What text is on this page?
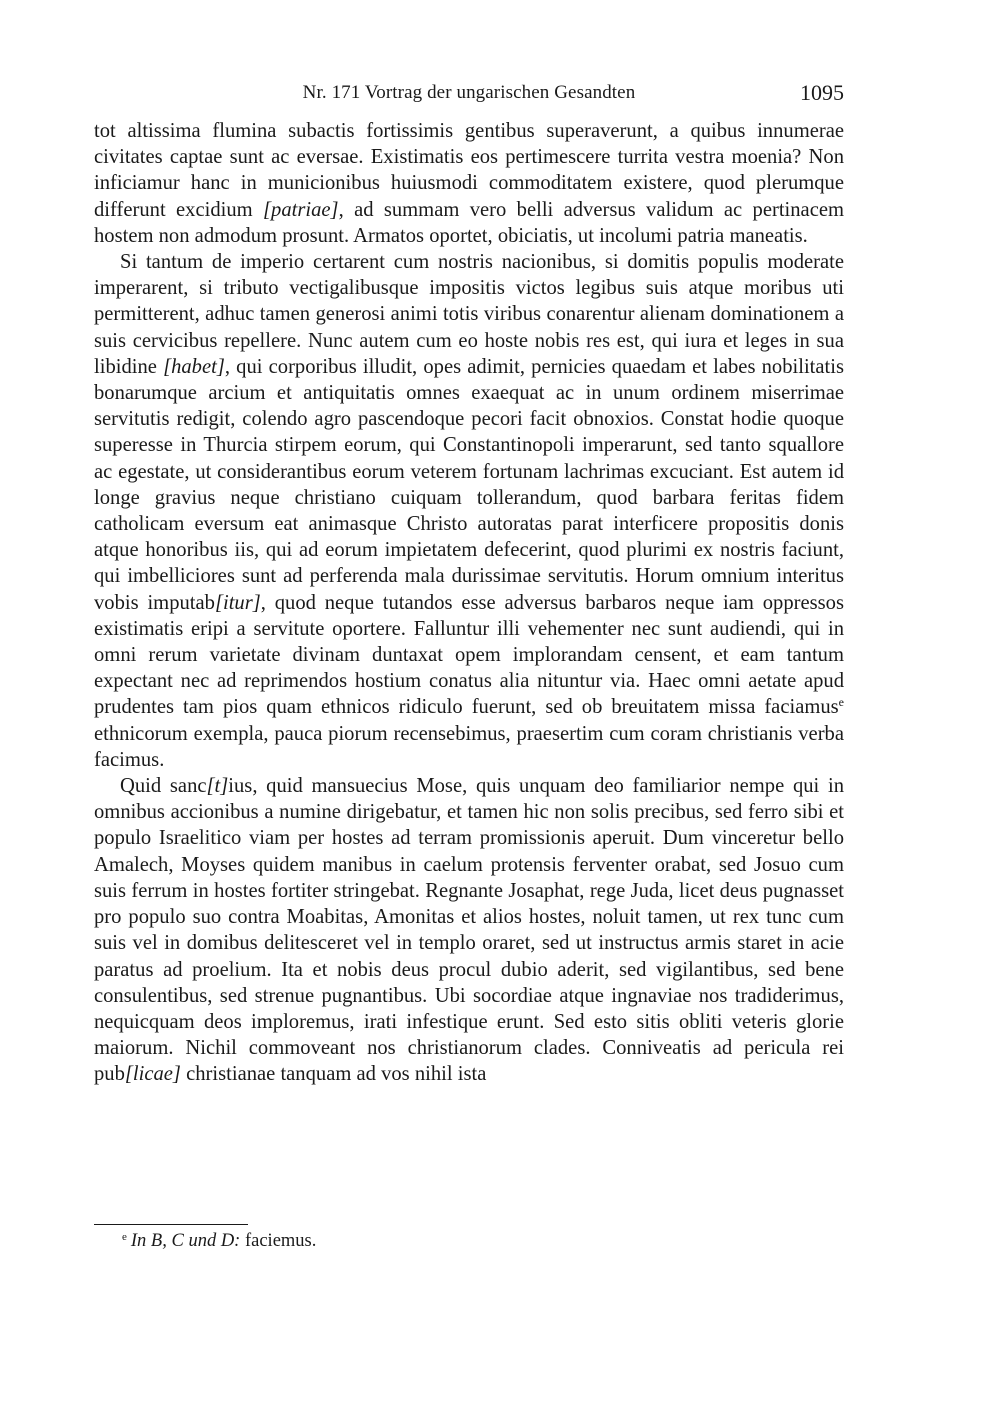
Nr. 171 Vortrag der ungarischen Gesandten	1095

tot altissima flumina subactis fortissimis gentibus superaverunt, a quibus innumerae civitates captae sunt ac eversae. Existimatis eos pertimescere turrita vestra moenia? Non inficiamur hanc in municionibus huiusmodi commoditatem existere, quod plerumque differunt excidium [patriae], ad summam vero belli adversus validum ac pertinacem hostem non admodum prosunt. Armatos oportet, obiciatis, ut incolumi patria maneatis.

Si tantum de imperio certarent cum nostris nacionibus, si domitis populis moderate imperarent, si tributo vectigalibusque impositis victos legibus suis atque moribus uti permitterent, adhuc tamen generosi animi totis viribus conarentur alienam dominationem a suis cervicibus repellere. Nunc autem cum eo hoste nobis res est, qui iura et leges in sua libidine [habet], qui corporibus illudit, opes adimit, pernicies quaedam et labes nobilitatis bonarumque arcium et antiquitatis omnes exaequat ac in unum ordinem miserrimae servitutis redigit, colendo agro pascendoque pecori facit obnoxios. Constat hodie quoque superesse in Thurcia stirpem eorum, qui Constantinopoli imperarunt, sed tanto squallore ac egestate, ut considerantibus eorum veterem fortunam lachrimas excuciant. Est autem id longe gravius neque christiano cuiquam tollerandum, quod barbara feritas fidem catholicam eversum eat animasque Christo autoratas parat interficere propositis donis atque honoribus iis, qui ad eorum impietatem defecerint, quod plurimi ex nostris faciunt, qui imbelliciores sunt ad perferenda mala durissimae servitutis. Horum omnium interitus vobis imputab[itur], quod neque tutandos esse adversus barbaros neque iam oppressos existimatis eripi a servitute oportere. Falluntur illi vehementer nec sunt audiendi, qui in omni rerum varietate divinam duntaxat opem implorandam censent, et eam tantum expectant nec ad reprimendos hostium conatus alia nituntur via. Haec omni aetate apud prudentes tam pios quam ethnicos ridiculo fuerunt, sed ob breuitatem missa faciamus$^e$ ethnicorum exempla, pauca piorum recensebimus, praesertim cum coram christianis verba facimus.

Quid sanc[t]ius, quid mansuecius Mose, quis unquam deo familiarior nempe qui in omnibus accionibus a numine dirigebatur, et tamen hic non solis precibus, sed ferro sibi et populo Israelitico viam per hostes ad terram promissionis aperuit. Dum vinceretur bello Amalech, Moyses quidem manibus in caelum protensis ferventer orabat, sed Josuo cum suis ferrum in hostes fortiter stringebat. Regnante Josaphat, rege Juda, licet deus pugnasset pro populo suo contra Moabitas, Amonitas et alios hostes, noluit tamen, ut rex tunc cum suis vel in domibus delitesceret vel in templo oraret, sed ut instructus armis staret in acie paratus ad proelium. Ita et nobis deus procul dubio aderit, sed vigilantibus, sed bene consulentibus, sed strenue pugnantibus. Ubi socordiae atque ingnaviae nos tradiderimus, nequicquam deos imploremus, irati infestique erunt. Sed esto sitis obliti veteris glorie maiorum. Nichil commoveant nos christianorum clades. Conniveatis ad pericula rei pub[licae] christianae tanquam ad vos nihil ista

$^e$ In B, C und D: faciemus.
